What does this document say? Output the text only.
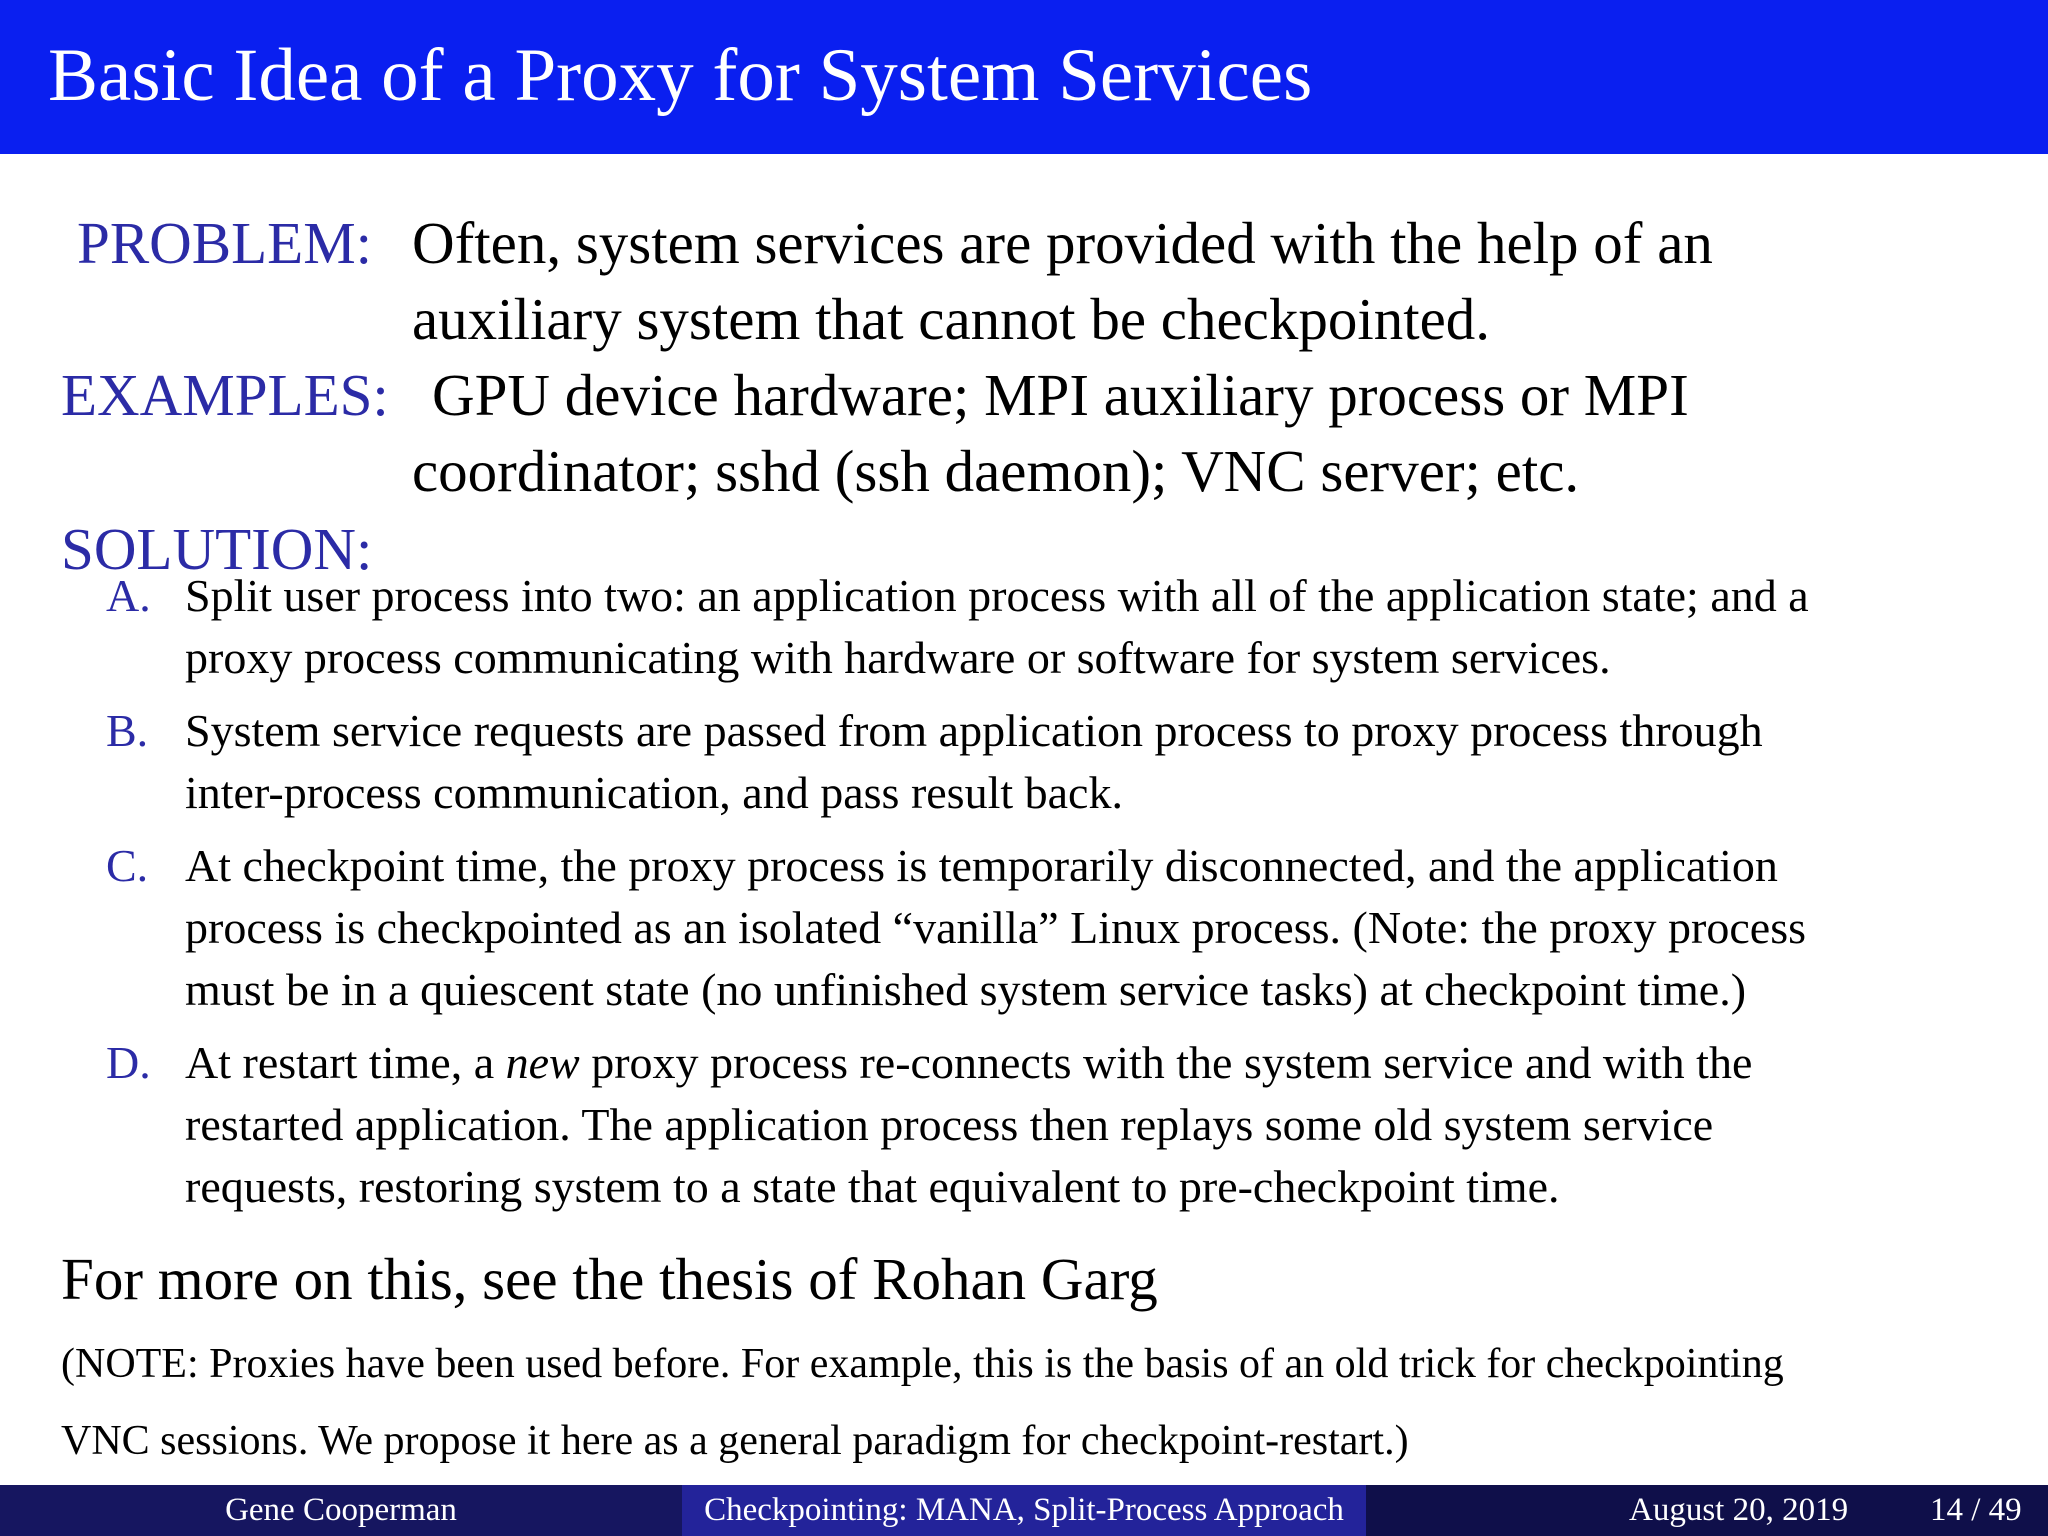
Basic Idea of a Proxy for System Services
PROBLEM: Often, system services are provided with the help of an
auxiliary system that cannot be checkpointed.
EXAMPLES: GPU device hardware; MPI auxiliary process or MPI
coordinator; sshd (ssh daemon); VNC server; etc.
SOLUTION:
A. Split user process into two: an application process with all of the application state; and a
proxy process communicating with hardware or software for system services.
B. System service requests are passed from application process to proxy process through
inter-process communication, and pass result back.
C. At checkpoint time, the proxy process is temporarily disconnected, and the application
process is checkpointed as an isolated “vanilla” Linux process. (Note: the proxy process
must be in a quiescent state (no unfinished system service tasks) at checkpoint time.)
D. At restart time, a new proxy process re-connects with the system service and with the
restarted application. The application process then replays some old system service
requests, restoring system to a state that equivalent to pre-checkpoint time.
For more on this, see the thesis of Rohan Garg
(NOTE: Proxies have been used before. For example, this is the basis of an old trick for checkpointing
VNC sessions. We propose it here as a general paradigm for checkpoint-restart.)
Gene Cooperman	Checkpointing: MANA, Split-Process Approach	August 20, 2019 14 / 49
